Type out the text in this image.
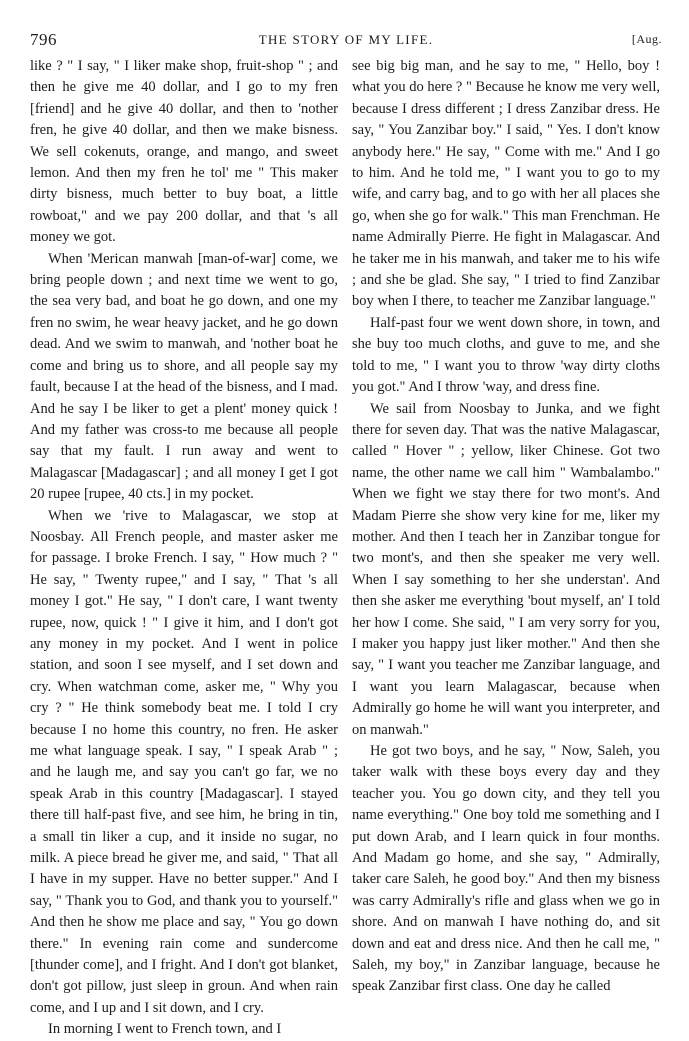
796	THE STORY OF MY LIFE.	[Aug.

like ? " I say, " I liker make shop, fruit-shop " ; and then he give me 40 dollar, and I go to my fren [friend] and he give 40 dollar, and then to 'nother fren, he give 40 dollar, and then we make bisness. We sell cokenuts, orange, and mango, and sweet lemon. And then my fren he tol' me " This maker dirty bisness, much better to buy boat, a little rowboat," and we pay 200 dollar, and that 's all money we got.

When 'Merican manwah [man-of-war] come, we bring people down ; and next time we went to go, the sea very bad, and boat he go down, and one my fren no swim, he wear heavy jacket, and he go down dead. And we swim to manwah, and 'nother boat he come and bring us to shore, and all people say my fault, because I at the head of the bisness, and I mad. And he say I be liker to get a plent' money quick ! And my father was cross-to me because all people say that my fault. I run away and went to Malagascar [Madagascar] ; and all money I get I got 20 rupee [rupee, 40 cts.] in my pocket.

When we 'rive to Malagascar, we stop at Noosbay. All French people, and master asker me for passage. I broke French. I say, " How much ? " He say, " Twenty rupee," and I say, " That 's all money I got." He say, " I don't care, I want twenty rupee, now, quick ! " I give it him, and I don't got any money in my pocket. And I went in police station, and soon I see myself, and I set down and cry. When watchman come, asker me, " Why you cry ? " He think somebody beat me. I told I cry because I no home this country, no fren. He asker me what language speak. I say, " I speak Arab " ; and he laugh me, and say you can't go far, we no speak Arab in this country [Madagascar]. I stayed there till half-past five, and see him, he bring in tin, a small tin liker a cup, and it inside no sugar, no milk. A piece bread he giver me, and said, " That all I have in my supper. Have no better supper." And I say, " Thank you to God, and thank you to yourself." And then he show me place and say, " You go down there." In evening rain come and sundercome [thunder come], and I fright. And I don't got blanket, don't got pillow, just sleep in groun. And when rain come, and I up and I sit down, and I cry.

In morning I went to French town, and I

see big big man, and he say to me, " Hello, boy ! what you do here ? " Because he know me very well, because I dress different ; I dress Zanzibar dress. He say, " You Zanzibar boy." I said, " Yes. I don't know anybody here." He say, " Come with me." And I go to him. And he told me, " I want you to go to my wife, and carry bag, and to go with her all places she go, when she go for walk." This man Frenchman. He name Admirally Pierre. He fight in Malagascar. And he taker me in his manwah, and taker me to his wife ; and she be glad. She say, " I tried to find Zanzibar boy when I there, to teacher me Zanzibar language."

Half-past four we went down shore, in town, and she buy too much cloths, and guve to me, and she told to me, " I want you to throw 'way dirty cloths you got." And I throw 'way, and dress fine.

We sail from Noosbay to Junka, and we fight there for seven day. That was the native Malagascar, called " Hover " ; yellow, liker Chinese. Got two name, the other name we call him " Wambalambo." When we fight we stay there for two mont's. And Madam Pierre she show very kine for me, liker my mother. And then I teach her in Zanzibar tongue for two mont's, and then she speaker me very well. When I say something to her she understan'. And then she asker me everything 'bout myself, an' I told her how I come. She said, " I am very sorry for you, I maker you happy just liker mother." And then she say, " I want you teacher me Zanzibar language, and I want you learn Malagascar, because when Admirally go home he will want you interpreter, and on manwah."

He got two boys, and he say, " Now, Saleh, you taker walk with these boys every day and they teacher you. You go down city, and they tell you name everything." One boy told me something and I put down Arab, and I learn quick in four months. And Madam go home, and she say, " Admirally, taker care Saleh, he good boy." And then my bisness was carry Admirally's rifle and glass when we go in shore. And on manwah I have nothing do, and sit down and eat and dress nice. And then he call me, " Saleh, my boy," in Zanzibar language, because he speak Zanzibar first class. One day he called
